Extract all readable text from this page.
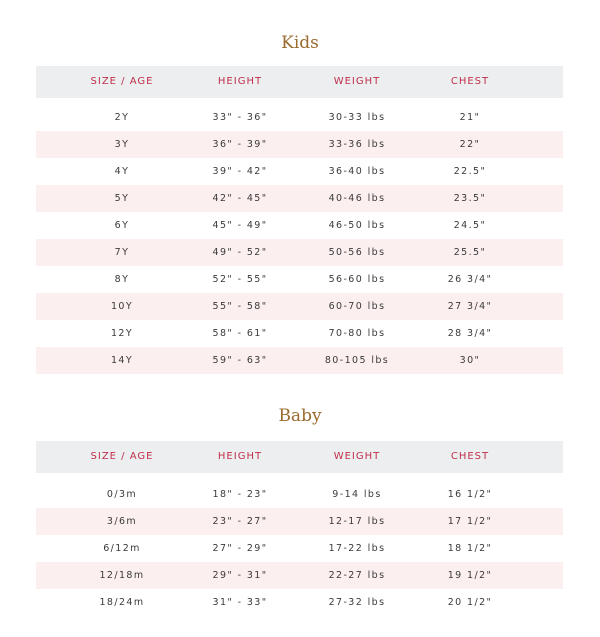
Kids
SIZE / AGE	HEIGHT	WEIGHT	CHEST
2Y	33" - 36"	30-33 lbs	21"
3Y	36" - 39"	33-36 lbs	22"
4Y	39" - 42"	36-40 lbs	22.5"
5Y	42" - 45"	40-46 lbs	23.5"
6Y	45" - 49"	46-50 lbs	24.5"
7Y	49" - 52"	50-56 lbs	25.5"
8Y	52" - 55"	56-60 lbs	26 3/4"
10Y	55" - 58"	60-70 lbs	27 3/4"
12Y	58" - 61"	70-80 lbs	28 3/4"
14Y	59" - 63"	80-105 lbs	30"
Baby
SIZE / AGE	HEIGHT	WEIGHT	CHEST
0/3m	18" - 23"	9-14 lbs	16 1/2"
3/6m	23" - 27"	12-17 lbs	17 1/2"
6/12m	27" - 29"	17-22 lbs	18 1/2"
12/18m	29" - 31"	22-27 lbs	19 1/2"
18/24m	31" - 33"	27-32 lbs	20 1/2"
